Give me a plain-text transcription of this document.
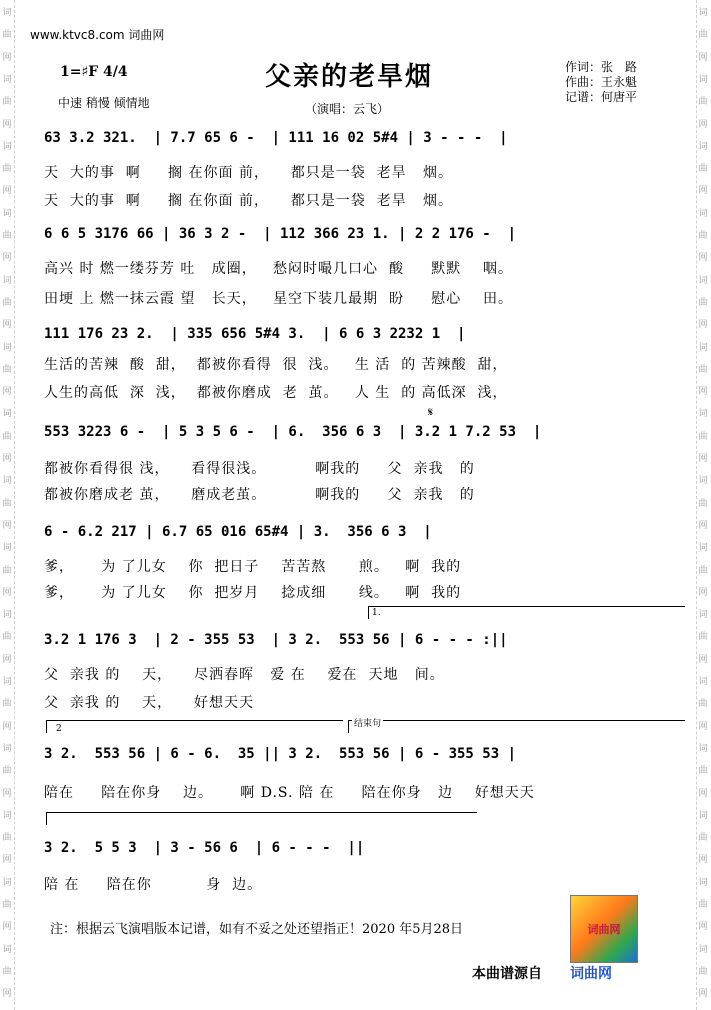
词
曲
网
词
曲
网
词
曲
网
词
曲
网
词
曲
网
词
曲
网
词
曲
网
词
曲
网
词
曲
网
词
曲
网
词
曲
网
词
曲
网
词
曲
网
词
曲
网
词
曲
网
词
曲
网
词
曲
网
词
曲
网
词
曲
网
词
曲
网
词
曲
网
词
曲
网
词
曲
网
词
曲
网
词
曲
网
词
曲
网
词
曲
网
词
曲
网
词
曲
网
词
曲
网
www.ktvc8.com 词曲网
1=♯F 4/4
中速 稍慢 倾情地
父亲的老旱烟
（演唱：云飞）
作词：张　路
作曲：王永魁
记谱：何唐平
63 3.2 321.  | 7.7 65 6 -  | 111 16 02 5#4 | 3 - - -  |
天  大的事  啊     搁 在你面 前，    都只是一袋  老旱   烟。
天  大的事  啊     搁 在你面 前，    都只是一袋  老旱   烟。
6 6 5 3176 66 | 36 3 2 -  | 112 366 23 1. | 2 2 176 -  |
高兴 时 燃一缕芬芳 吐   成圈，   愁闷时嘬几口心  酸     默默    咽。
田埂 上 燃一抹云霞 望   长天，   星空下装几最期  盼     慰心    田。
111 176 23 2.  | 335 656 5#4 3.  | 6 6 3 2232 1  |
生活的苦辣  酸  甜，  都被你看得  很  浅。   生 活  的 苦辣酸  甜，
人生的高低  深  浅，  都被你磨成  老  茧。   人 生  的 高低深  浅，
𝄋
553 3223 6 -  | 5 3 5 6 -  | 6.  356 6 3  | 3.2 1 7.2 53  |
都被你看得很 浅，    看得很浅。         啊我的     父  亲我   的
都被你磨成老 茧，    磨成老茧。         啊我的     父  亲我   的
6 - 6.2 217 | 6.7 65 016 65#4 | 3.  356 6 3  |
爹，     为 了儿女    你  把日子    苦苦熬      煎。   啊  我的
爹，     为 了儿女    你  把岁月    捻成细      线。   啊  我的
1.
3.2 1 176 3  | 2 - 355 53  | 3 2.  553 56 | 6 - - - :||
父  亲我 的    天，    尽洒春晖   爱 在    爱在  天地   间。
父  亲我 的    天，    好想天天
2	结束句
3 2.  553 56 | 6 - 6.  35 || 3 2.  553 56 | 6 - 355 53 |
陪在     陪在你身    边。     啊 D.S. 陪 在     陪在你身   边    好想天天
3 2.  5 5 3  | 3 - 56 6  | 6 - - -  ||
陪 在     陪在你          身  边。
注：根据云飞演唱版本记谱，如有不妥之处还望指正！2020 年5月28日	词曲网
本曲谱源自 词曲网
